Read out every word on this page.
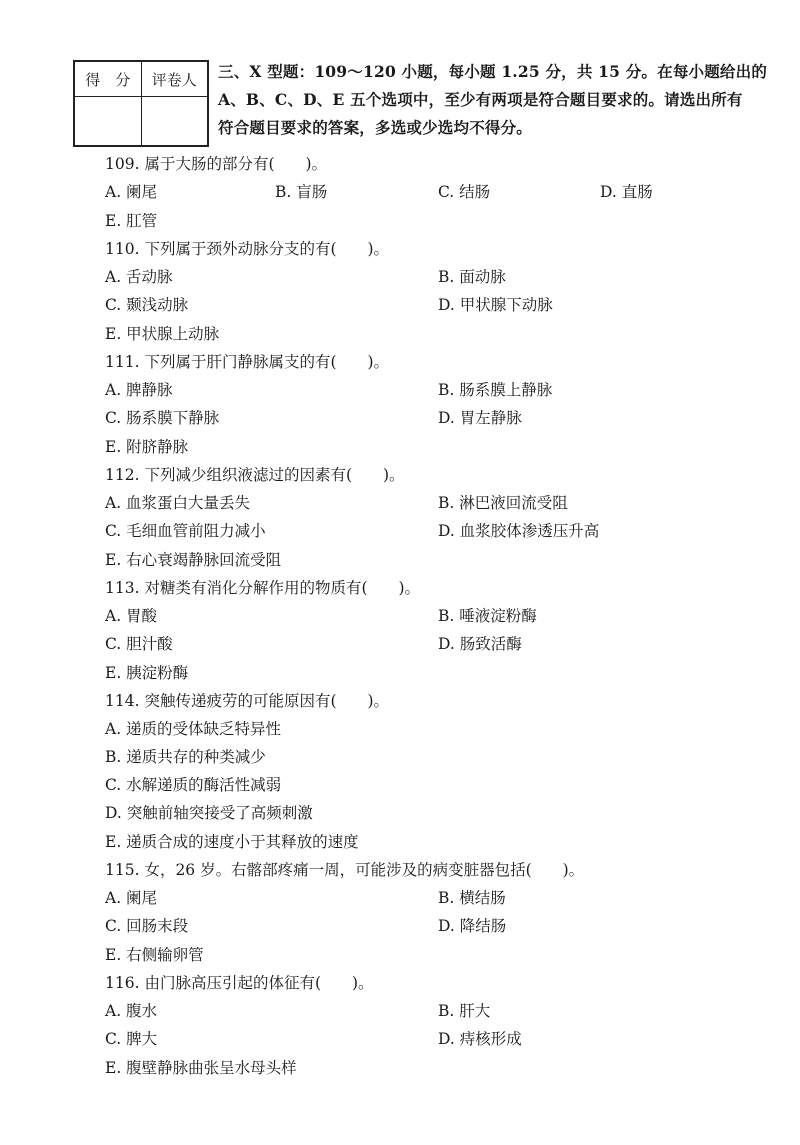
得　分	评卷人
	三、X 型题：109～120 小题，每小题 1.25 分，共 15 分。在每小题给出的
A、B、C、D、E 五个选项中，至少有两项是符合题目要求的。请选出所有
符合题目要求的答案，多选或少选均不得分。
109. 属于大肠的部分有(　　)。
A. 阑尾	B. 盲肠	C. 结肠	D. 直肠
E. 肛管
110. 下列属于颈外动脉分支的有(　　)。
A. 舌动脉	B. 面动脉
C. 颞浅动脉	D. 甲状腺下动脉
E. 甲状腺上动脉
111. 下列属于肝门静脉属支的有(　　)。
A. 脾静脉	B. 肠系膜上静脉
C. 肠系膜下静脉	D. 胃左静脉
E. 附脐静脉
112. 下列减少组织液滤过的因素有(　　)。
A. 血浆蛋白大量丢失	B. 淋巴液回流受阻
C. 毛细血管前阻力减小	D. 血浆胶体渗透压升高
E. 右心衰竭静脉回流受阻
113. 对糖类有消化分解作用的物质有(　　)。
A. 胃酸	B. 唾液淀粉酶
C. 胆汁酸	D. 肠致活酶
E. 胰淀粉酶
114. 突触传递疲劳的可能原因有(　　)。
A. 递质的受体缺乏特异性
B. 递质共存的种类减少
C. 水解递质的酶活性减弱
D. 突触前轴突接受了高频刺激
E. 递质合成的速度小于其释放的速度
115. 女，26 岁。右髂部疼痛一周，可能涉及的病变脏器包括(　　)。
A. 阑尾	B. 横结肠
C. 回肠末段	D. 降结肠
E. 右侧输卵管
116. 由门脉高压引起的体征有(　　)。
A. 腹水	B. 肝大
C. 脾大	D. 痔核形成
E. 腹壁静脉曲张呈水母头样
